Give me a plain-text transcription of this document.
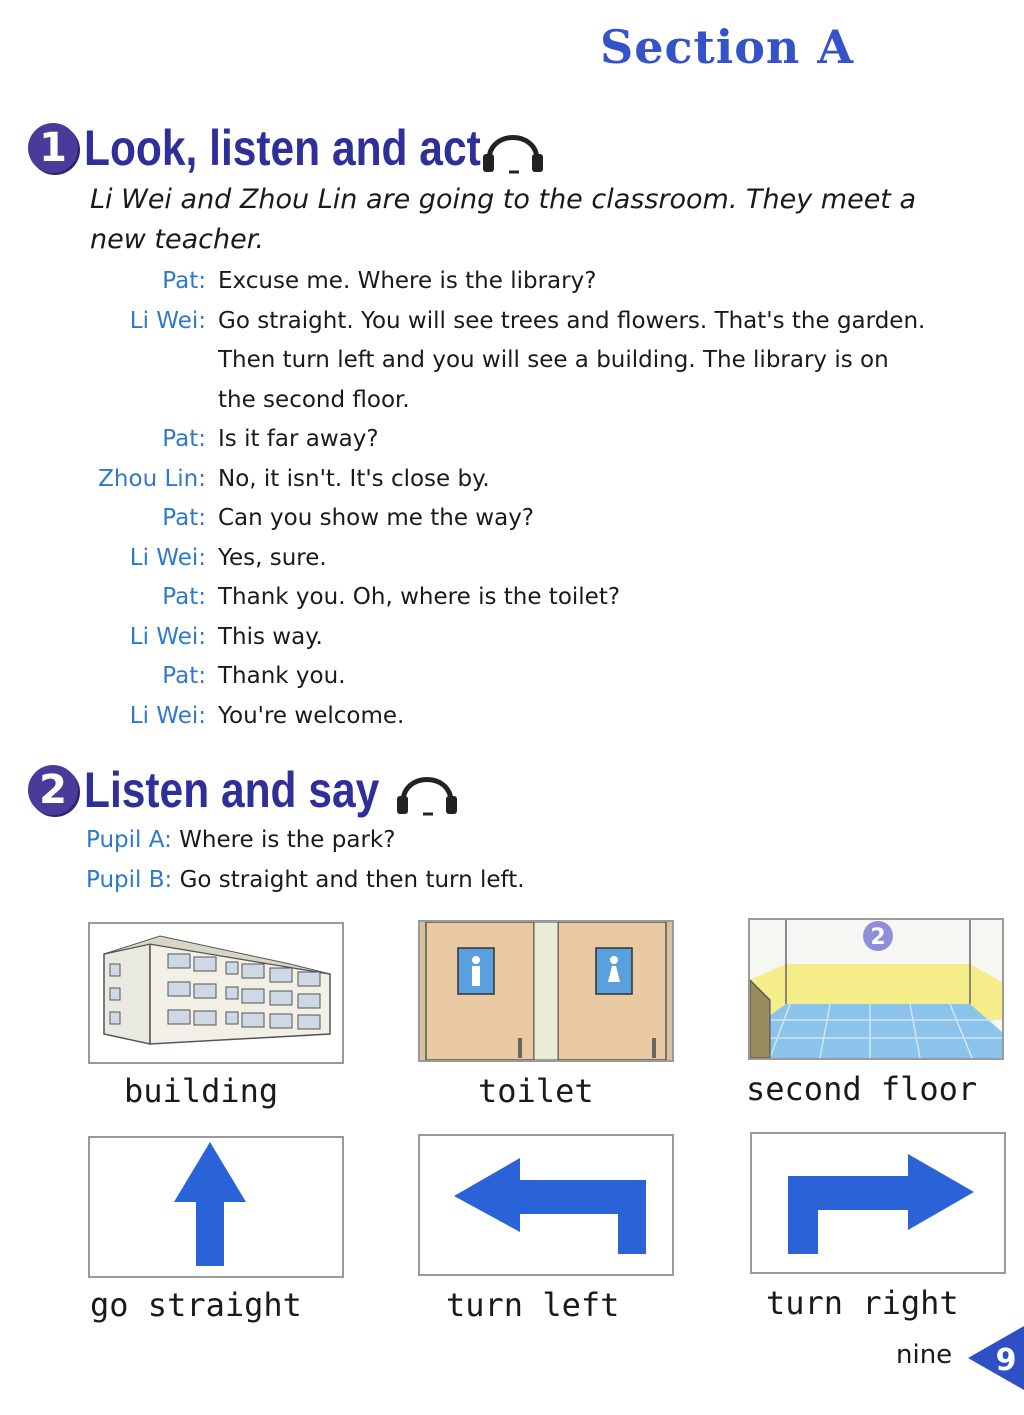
Section A
1 Look, listen and act
Li Wei and Zhou Lin are going to the classroom. They meet a new teacher.
Pat: Excuse me. Where is the library?
Li Wei: Go straight. You will see trees and flowers. That's the garden.
Then turn left and you will see a building. The library is on
the second floor.
Pat: Is it far away?
Zhou Lin: No, it isn't. It's close by.
Pat: Can you show me the way?
Li Wei: Yes, sure.
Pat: Thank you. Oh, where is the toilet?
Li Wei: This way.
Pat: Thank you.
Li Wei: You're welcome.
2 Listen and say
Pupil A: Where is the park?
Pupil B: Go straight and then turn left.
building	toilet
2
second floor
go straight	turn left	turn right
nine 9
